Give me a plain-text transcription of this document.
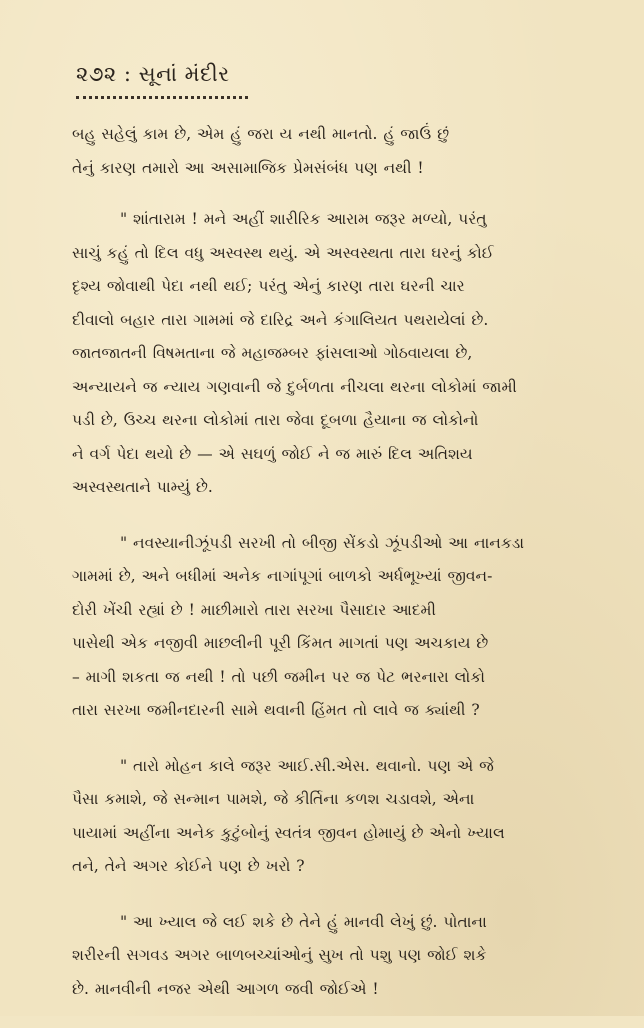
૨૭૨ : સૂનાં મંદીર
બહુ સહેલું કામ છે, એમ હું જરા ય નથી માનતો. હું જાઉં છું
તેનું કારણ તમારો આ અસામાજિક પ્રેમસંબંધ પણ નથી !
" શાંતારામ ! મને અહીં શારીરિક આરામ જરૂર મળ્યો, પરંતુ
સાચું કહું તો દિલ વધુ અસ્વસ્થ થયું. એ અસ્વસ્થતા તારા ઘરનું કોઈ
દૃશ્ય જોવાથી પેદા નથી થઈ; પરંતુ એનું કારણ તારા ઘરની ચાર
દીવાલો બહાર તારા ગામમાં જે દારિદ્ર અને કંગાલિયત પથરાયેલાં છે.
જાતજાતની વિષમતાના જે મહાજમ્બર ફાંસલાઓ ગોઠવાયલા છે,
અન્યાયને જ ન્યાય ગણવાની જે દુર્બળતા નીચલા થરના લોકોમાં જામી
પડી છે, ઉચ્ચ થરના લોકોમાં તારા જેવા દૂબળા હૈયાના જ લોકોનો
ને વર્ગ પેદા થયો છે — એ સઘળું જોઈ ને જ મારું દિલ અતિશય
અસ્વસ્થતાને પામ્યું છે.
" નવસ્યાનીઝૂંપડી સરખી તો બીજી સેંકડો ઝૂંપડીઓ આ નાનકડા
ગામમાં છે, અને બધીમાં અનેક નાગાંપૂગાં બાળકો અર્ધભૂખ્યાં જીવન-
દોરી ખેંચી રહ્યાં છે ! માછીમારો તારા સરખા પૈસાદાર આદમી
પાસેથી એક નજીવી માછલીની પૂરી કિંમત માગતાં પણ અચકાય છે
– માગી શકતા જ નથી ! તો પછી જમીન પર જ પેટ ભરનારા લોકો
તારા સરખા જમીનદારની સામે થવાની હિંમત તો લાવે જ ક્યાંથી ?
" તારો મોહન કાલે જરૂર આઈ.સી.એસ. થવાનો. પણ એ જે
પૈસા કમાશે, જે સન્માન પામશે, જે કીર્તિના કળશ ચડાવશે, એના
પાયામાં અહીંના અનેક કુટુંબોનું સ્વતંત્ર જીવન હોમાયું છે એનો ખ્યાલ
તને, તેને અગર કોઈને પણ છે ખરો ?
" આ ખ્યાલ જે લઈ શકે છે તેને હું માનવી લેખું છું. પોતાના
શરીરની સગવડ અગર બાળબચ્ચાંઓનું સુખ તો પશુ પણ જોઈ શકે
છે. માનવીની નજર એથી આગળ જવી જોઈએ !
